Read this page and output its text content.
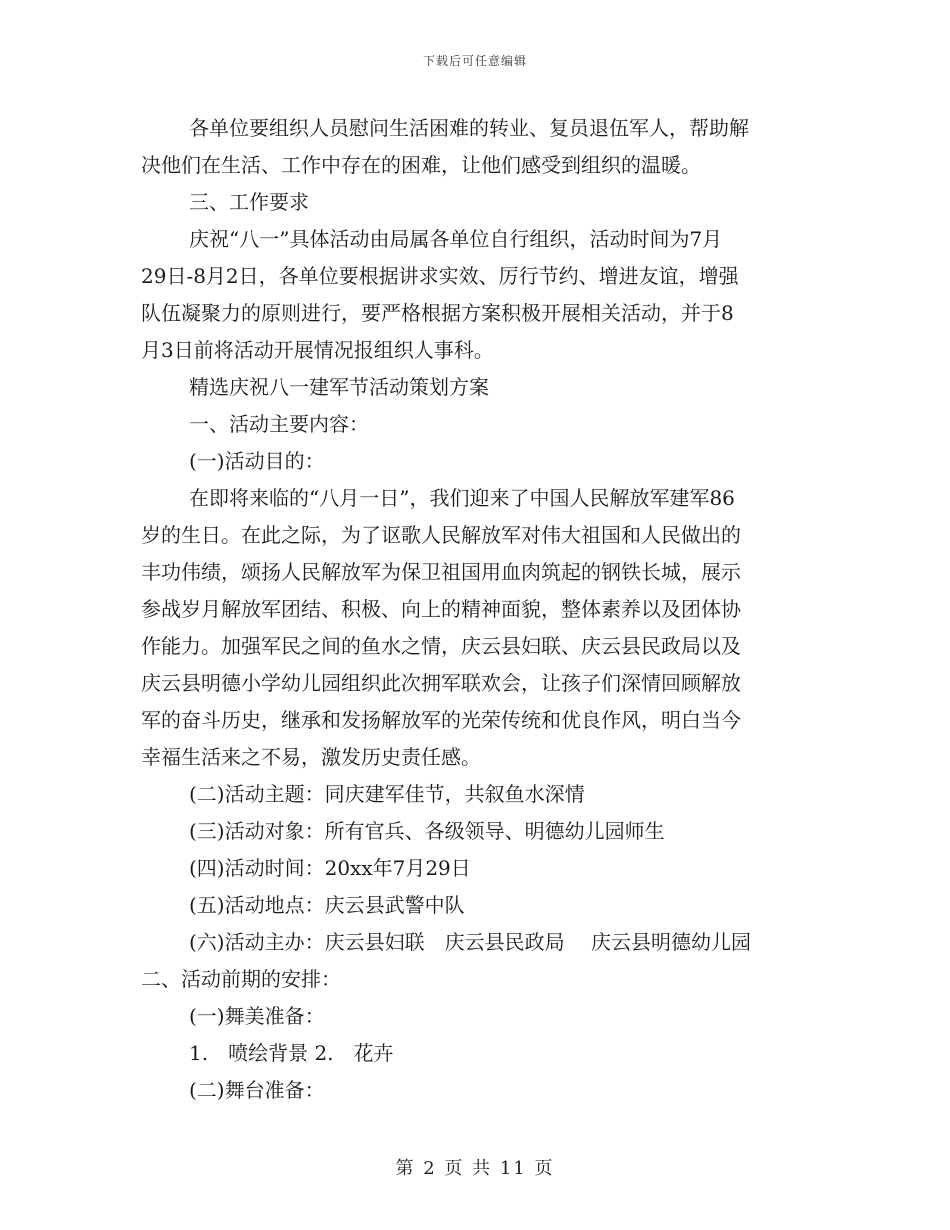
下载后可任意编辑
各单位要组织人员慰问生活困难的转业、复员退伍军人，帮助解
决他们在生活、工作中存在的困难，让他们感受到组织的温暖。
三、工作要求
庆祝“八一”具体活动由局属各单位自行组织，活动时间为7月
29日-8月2日，各单位要根据讲求实效、厉行节约、增进友谊，增强
队伍凝聚力的原则进行，要严格根据方案积极开展相关活动，并于8
月3日前将活动开展情况报组织人事科。
精选庆祝八一建军节活动策划方案
一、活动主要内容：
(一)活动目的：
在即将来临的“八月一日”，我们迎来了中国人民解放军建军86
岁的生日。在此之际，为了讴歌人民解放军对伟大祖国和人民做出的
丰功伟绩，颂扬人民解放军为保卫祖国用血肉筑起的钢铁长城，展示
参战岁月解放军团结、积极、向上的精神面貌，整体素养以及团体协
作能力。加强军民之间的鱼水之情，庆云县妇联、庆云县民政局以及
庆云县明德小学幼儿园组织此次拥军联欢会，让孩子们深情回顾解放
军的奋斗历史，继承和发扬解放军的光荣传统和优良作风，明白当今
幸福生活来之不易，激发历史责任感。
(二)活动主题：同庆建军佳节，共叙鱼水深情
(三)活动对象：所有官兵、各级领导、明德幼儿园师生
(四)活动时间：20xx年7月29日
(五)活动地点：庆云县武警中队
(六)活动主办：庆云县妇联　庆云县民政局　 庆云县明德幼儿园
二、活动前期的安排：
(一)舞美准备：
1.　喷绘背景 2.　花卉
(二)舞台准备：
第 2 页 共 11 页
